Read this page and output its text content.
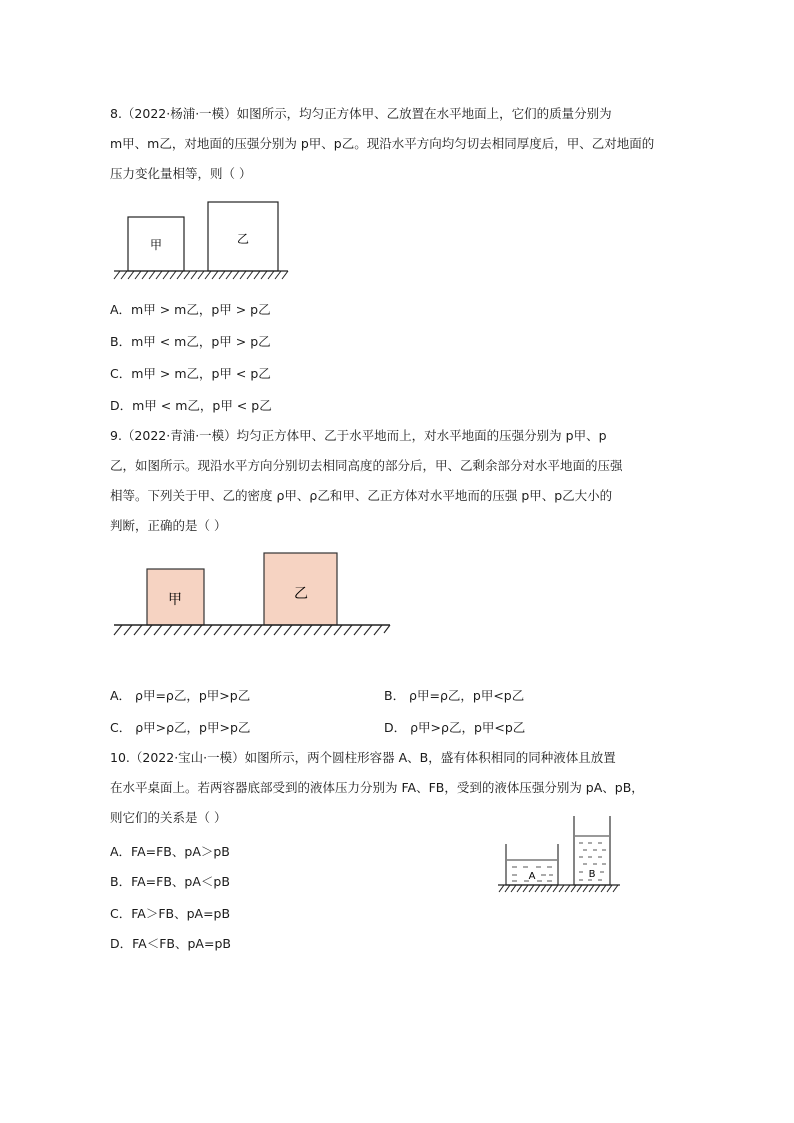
8.（2022·杨浦·一模）如图所示，均匀正方体甲、乙放置在水平地面上，它们的质量分别为
m甲、m乙，对地面的压强分别为 p甲、p乙。现沿水平方向均匀切去相同厚度后，甲、乙对地面的
压力变化量相等，则（ ）
甲	乙
A．m甲 > m乙，p甲 > p乙
B．m甲 < m乙，p甲 > p乙
C．m甲 > m乙，p甲 < p乙
D．m甲 < m乙，p甲 < p乙
9.（2022·青浦·一模）均匀正方体甲、乙于水平地而上，对水平地面的压强分别为 p甲、p
乙，如图所示。现沿水平方向分别切去相同高度的部分后，甲、乙剩余部分对水平地面的压强
相等。下列关于甲、乙的密度 ρ甲、ρ乙和甲、乙正方体对水平地而的压强 p甲、p乙大小的
判断，正确的是（ ）
甲	乙
A． ρ甲=ρ乙，p甲>p乙	B． ρ甲=ρ乙，p甲<p乙
C． ρ甲>ρ乙，p甲>p乙	D． ρ甲>ρ乙，p甲<p乙
10.（2022·宝山·一模）如图所示，两个圆柱形容器 A、B，盛有体积相同的同种液体且放置
在水平桌面上。若两容器底部受到的液体压力分别为 FA、FB，受到的液体压强分别为 pA、pB，
则它们的关系是（ ）
A．FA=FB、pA＞pB
B．FA=FB、pA＜pB
C．FA＞FB、pA=pB
D．FA＜FB、pA=pB
A	B
